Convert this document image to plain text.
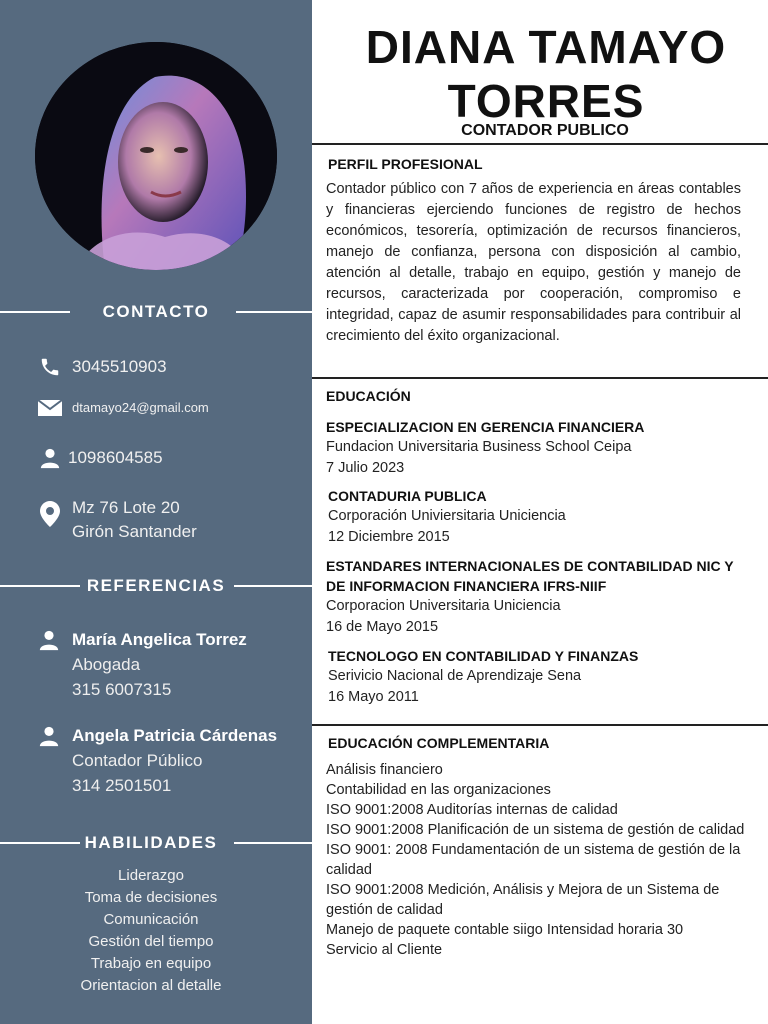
CONTACTO
3045510903
dtamayo24@gmail.com
1098604585
Mz 76 Lote 20
Girón Santander
REFERENCIAS
María Angelica Torrez
Abogada
315 6007315
Angela Patricia Cárdenas
Contador Público
314 2501501
HABILIDADES
Liderazgo
Toma de decisiones
Comunicación
Gestión del tiempo
Trabajo en equipo
Orientacion al detalle
DIANA TAMAYO
TORRES
CONTADOR PUBLICO
PERFIL PROFESIONAL
Contador público con 7 años de experiencia en áreas contables y financieras ejerciendo funciones de registro de hechos económicos, tesorería, optimización de recursos financieros, manejo de confianza, persona con disposición al cambio, atención al detalle, trabajo en equipo, gestión y manejo de recursos, caracterizada por cooperación, compromiso e integridad, capaz de asumir responsabilidades para contribuir al crecimiento del éxito organizacional.
EDUCACIÓN
ESPECIALIZACION EN GERENCIA FINANCIERA
Fundacion Universitaria Business School Ceipa
7 Julio 2023
CONTADURIA PUBLICA
Corporación Univiersitaria Uniciencia
12 Diciembre 2015
ESTANDARES INTERNACIONALES DE CONTABILIDAD NIC Y DE INFORMACION FINANCIERA IFRS-NIIF
Corporacion Universitaria Uniciencia
16 de Mayo 2015
TECNOLOGO EN CONTABILIDAD Y FINANZAS
Serivicio Nacional de Aprendizaje Sena
16 Mayo 2011
EDUCACIÓN COMPLEMENTARIA
Análisis financiero
Contabilidad en las organizaciones
ISO 9001:2008 Auditorías internas de calidad
ISO 9001:2008 Planificación de un sistema de gestión de calidad
ISO 9001: 2008 Fundamentación de un sistema de gestión de la calidad
ISO 9001:2008 Medición, Análisis y Mejora de un Sistema de gestión de calidad
Manejo de paquete contable siigo Intensidad horaria 30
Servicio al Cliente
